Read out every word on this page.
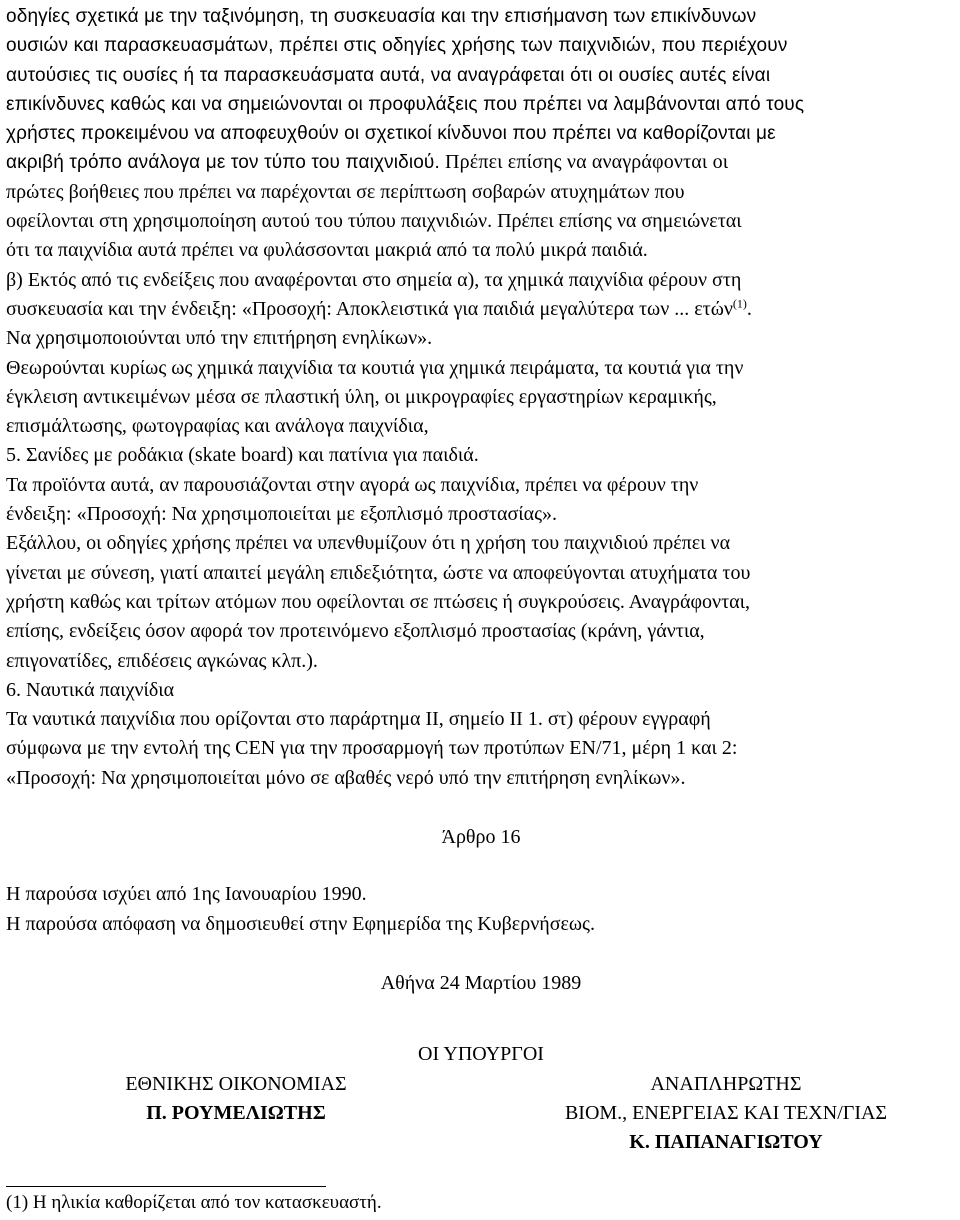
οδηγίες σχετικά με την ταξινόμηση, τη συσκευασία και την επισήμανση των επικίνδυνων
ουσιών και παρασκευασμάτων, πρέπει στις οδηγίες χρήσης των παιχνιδιών, που περιέχουν
αυτούσιες τις ουσίες ή τα παρασκευάσματα αυτά, να αναγράφεται ότι οι ουσίες αυτές είναι
επικίνδυνες καθώς και να σημειώνονται οι προφυλάξεις που πρέπει να λαμβάνονται από τους
χρήστες προκειμένου να αποφευχθούν οι σχετικοί κίνδυνοι που πρέπει να καθορίζονται με
ακριβή τρόπο ανάλογα με τον τύπο του παιχνιδιού. Πρέπει επίσης να αναγράφονται οι
πρώτες βοήθειες που πρέπει να παρέχονται σε περίπτωση σοβαρών ατυχημάτων που
οφείλονται στη χρησιμοποίηση αυτού του τύπου παιχνιδιών. Πρέπει επίσης να σημειώνεται
ότι τα παιχνίδια αυτά πρέπει να φυλάσσονται μακριά από τα πολύ μικρά παιδιά.
β) Εκτός από τις ενδείξεις που αναφέρονται στο σημεία α), τα χημικά παιχνίδια φέρουν στη
συσκευασία και την ένδειξη: «Προσοχή: Αποκλειστικά για παιδιά μεγαλύτερα των ... ετών$^{(1)}$.
Να χρησιμοποιούνται υπό την επιτήρηση ενηλίκων».
Θεωρούνται κυρίως ως χημικά παιχνίδια τα κουτιά για χημικά πειράματα, τα κουτιά για την
έγκλειση αντικειμένων μέσα σε πλαστική ύλη, οι μικρογραφίες εργαστηρίων κεραμικής,
επισμάλτωσης, φωτογραφίας και ανάλογα παιχνίδια,
5. Σανίδες με ροδάκια (skate board) και πατίνια για παιδιά.
Τα προϊόντα αυτά, αν παρουσιάζονται στην αγορά ως παιχνίδια, πρέπει να φέρουν την
ένδειξη: «Προσοχή: Να χρησιμοποιείται με εξοπλισμό προστασίας».
Εξάλλου, οι οδηγίες χρήσης πρέπει να υπενθυμίζουν ότι η χρήση του παιχνιδιού πρέπει να
γίνεται με σύνεση, γιατί απαιτεί μεγάλη επιδεξιότητα, ώστε να αποφεύγονται ατυχήματα του
χρήστη καθώς και τρίτων ατόμων που οφείλονται σε πτώσεις ή συγκρούσεις. Αναγράφονται,
επίσης, ενδείξεις όσον αφορά τον προτεινόμενο εξοπλισμό προστασίας (κράνη, γάντια,
επιγονατίδες, επιδέσεις αγκώνας κλπ.).
6. Ναυτικά παιχνίδια
Τα ναυτικά παιχνίδια που ορίζονται στο παράρτημα ΙΙ, σημείο ΙΙ 1. στ) φέρουν εγγραφή
σύμφωνα με την εντολή της CEN για την προσαρμογή των προτύπων EN/71, μέρη 1 και 2:
«Προσοχή: Να χρησιμοποιείται μόνο σε αβαθές νερό υπό την επιτήρηση ενηλίκων».
Άρθρο 16
Η παρούσα ισχύει από 1ης Ιανουαρίου 1990.
Η παρούσα απόφαση να δημοσιευθεί στην Εφημερίδα της Κυβερνήσεως.
Αθήνα 24 Μαρτίου 1989
ΟΙ ΥΠΟΥΡΓΟΙ
ΕΘΝΙΚΗΣ ΟΙΚΟΝΟΜΙΑΣ
Π. ΡΟΥΜΕΛΙΩΤΗΣ
ΑΝΑΠΛΗΡΩΤΗΣ
ΒΙΟΜ., ΕΝΕΡΓΕΙΑΣ ΚΑΙ ΤΕΧΝ/ΓΙΑΣ
Κ. ΠΑΠΑΝΑΓΙΩΤΟΥ
(1) Η ηλικία καθορίζεται από τον κατασκευαστή.
